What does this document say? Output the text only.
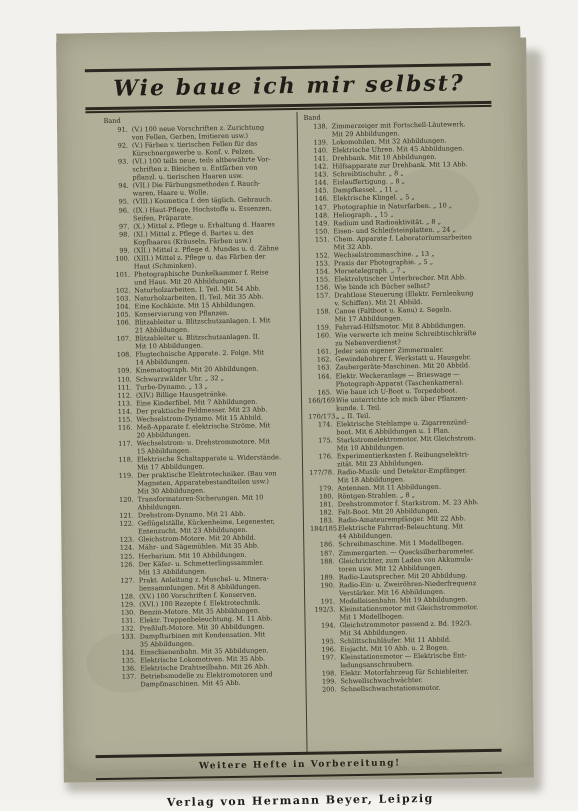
Wie baue ich mir selbst?
Band
91. (V.) 100 neue Vorschriften z. Zurichtung
von Fellen, Gerben, Imitieren usw.)
92. (V.) Färben v. tierischen Fellen für das
Kürschnergewerbe u. Konf. v. Pelzen.
93. (VI.) 100 teils neue, teils altbewährte Vor-
schriften z. Bleichen u. Entfärben von
pflanzl. u. tierischen Haaren usw.
94. (VII.) Die Färbungsmethoden f. Rauch-
waren, Haare u. Wolle.
95. (VIII.) Kosmetica f. den täglich. Gebrauch.
96. (IX.) Haut-Pflege, Hochstoffe u. Essenzen,
Seifen, Präparate.
97. (X.) Mittel z. Pflege u. Erhaltung d. Haares
98. (XI.) Mittel z. Pflege d. Bartes u. des
Kopfhaares (Kräuseln, Färben usw.)
99. (XII.) Mittel z. Pflege d. Mundes u. d. Zähne
100. (XIII.) Mittel z. Pflege u. das Färben der
Haut (Schminken).
101. Photographische Dunkelkammer f. Reise
und Haus. Mit 20 Abbildungen.
102. Naturholzarbeiten, I. Teil. Mit 54 Abb.
103. Naturholzarbeiten, II. Teil. Mit 35 Abb.
104. Eine Kochkiste. Mit 15 Abbildungen.
105. Konservierung von Pflanzen.
106. Blitzableiter u. Blitzschutzanlagen. I. Mit
21 Abbildungen.
107. Blitzableiter u. Blitzschutzanlagen. II.
Mit 10 Abbildungen.
108. Flugtechnische Apparate. 2. Folge. Mit
14 Abbildungen.
109. Kinematograph. Mit 20 Abbildungen.
110. Schwarzwälder Uhr. „ 32 „
111. Turbo-Dynamo. „ 13 „
112. (XIV.) Billige Hausgetränke.
113. Eine Kinderfibel. Mit 7 Abbildungen.
114. Der praktische Feldmesser. Mit 23 Abb.
115. Wechselstrom-Dynamo. Mit 15 Abbild.
116. Meß-Apparate f. elektrische Ströme. Mit
20 Abbildungen.
117. Wechselstrom- u. Drehstrommotore. Mit
15 Abbildungen.
118. Elektrische Schaltapparate u. Widerstände.
Mit 17 Abbildungen.
119. Der praktische Elektrotechniker. (Bau von
Magneten, Apparatebestandteilen usw.)
Mit 30 Abbildungen.
120. Transformatoren-Sicherungen. Mit 10
Abbildungen.
121. Drehstrom-Dynamo. Mit 21 Abb.
122. Geflügelställe, Kückenheime, Legenester,
Entenzucht. Mit 23 Abbildungen.
123. Gleichstrom-Motore. Mit 20 Abbild.
124. Mähr- und Sägemühlen. Mit 35 Abb.
125. Herbarium. Mit 10 Abbildungen.
126. Der Käfer- u. Schmetterlingssammler.
Mit 13 Abbildungen.
127. Prakt. Anleitung z. Muschel- u. Minera-
liensammlungen. Mit 8 Abbildungen.
128. (XV.) 100 Vorschriften f. Konserven.
129. (XVI.) 100 Rezepte f. Elektrotechnik.
130. Benzin-Motore. Mit 35 Abbildungen.
131. Elektr. Treppenbeleuchtung. M. 11 Abb.
132. Preßluft-Motore. Mit 30 Abbildungen.
133. Dampfturbinen mit Kondensation. Mit
35 Abbildungen.
134. Einschienenbahn. Mit 35 Abbildungen.
135. Elektrische Lokomotiven. Mit 35 Abb.
136. Elektrische Drahtseilbahn. Mit 26 Abb.
137. Betriebsmodelle zu Elektromotoren und
Dampfmaschinen. Mit 45 Abb.
Band
138. Zimmerzeiger mit Fortschell-Läutewerk.
Mit 29 Abbildungen.
139. Lokomobilen. Mit 32 Abbildungen.
140. Elektrische Uhren. Mit 45 Abbildungen.
141. Drehbank. Mit 10 Abbildungen.
142. Hilfsapparate zur Drehbank. Mit 13 Abb.
143. Schreibtischuhr. „ 8 „
144. Eislauffertigung. „ 8 „
145. Dampfkessel. „ 11 „
146. Elektrische Klingel. „ 5 „
147. Photographie in Naturfarben. „ 10 „
148. Heliograph. „ 15 „
149. Radium und Radioaktivität. „ 8 „
150. Eisen- und Schleifsteinplatten. „ 24 „
151. Chem. Apparate f. Laboratoriumsarbeiten
Mit 32 Abb.
152. Wechselstrommaschine. „ 13 „
153. Praxis der Photographie. „ 5 „
154. Morsetelegraph. „ 7 „
155. Elektrolytischer Unterbrecher. Mit Abb.
156. Wie binde ich Bücher selbst?
157. Drahtlose Steuerung (Elektr. Fernlenkung
v. Schiffen). Mit 21 Abbild.
158. Canoe (Faltboot u. Kanu) z. Segeln.
Mit 17 Abbildungen.
159. Fahrrad-Hilfsmotor. Mit 8 Abbildungen.
160. Wie verwerte ich meine Schreibtischkräfte
zu Nebenverdienst?
161. Jeder sein eigener Zimmermaler.
162. Gewindebohrer f. Werkstatt u. Hausgebr.
163. Zaubergeräte-Maschinen. Mit 20 Abbild.
164. Elektr. Weckeranlage — Brieswage —
Photograph-Apparat (Taschenkamera).
165. Wie baue ich U-Boot u. Torpedoboot.
166/169.
Wie unterrichte ich mich über Pflanzen-
kunde. I. Teil.
170/173.
„ „ II. Teil.
174. Elektrische Stehlampe u. Zigarrenzünd-
boot. Mit 6 Abbildungen u. 1 Plan.
175. Starkstromelektromotor. Mit Gleichstrom.
Mit 10 Abbildungen.
176. Experimentierkasten f. Reibungselektri-
zität. Mit 23 Abbildungen.
177/78. Radio-Musik- und Detektor-Empfänger.
Mit 18 Abbildungen.
179. Antennen. Mit 11 Abbildungen.
180. Röntgen-Strahlen. „ 8 „
181. Drehstrommotor f. Starkstrom. M. 23 Abb.
182. Falt-Boot. Mit 20 Abbildungen.
183. Radio-Amateurempfänger. Mit 22 Abb.
184/185.
Elektrische Fahrrad-Beleuchtung. Mit
44 Abbildungen.
186. Schreibmaschine. Mit 1 Modellbogen.
187. Zimmergarten. — Quecksilberbarometer.
188. Gleichrichter, zum Laden von Akkumula-
toren usw. Mit 12 Abbildungen.
189. Radio-Lautsprecher. Mit 20 Abbildung.
190. Radio-Ein- u. Zweiröhren-Niederfrequenz
Verstärker. Mit 16 Abbildungen.
191. Modelleisenbahn. Mit 19 Abbildungen.
192/3. Kleinstationsmotor mit Gleichstrommotor.
Mit 1 Modellbogen.
194. Gleichstrommotor passend z. Bd. 192/3.
Mit 34 Abbildungen.
195. Schlittschuhläufer. Mit 11 Abbild.
196. Eisjacht. Mit 10 Abb. u. 2 Bogen.
197. Kleinstationsmotor — Elektrische Ent-
ladungsanschraubern.
198. Elektr. Motorfahrzeug für Schiebleiter.
199. Schwellschwachwächter.
200. Schnellschwachstationsmotor.
Weitere Hefte in Vorbereitung!
Verlag von Hermann Beyer, Leipzig
